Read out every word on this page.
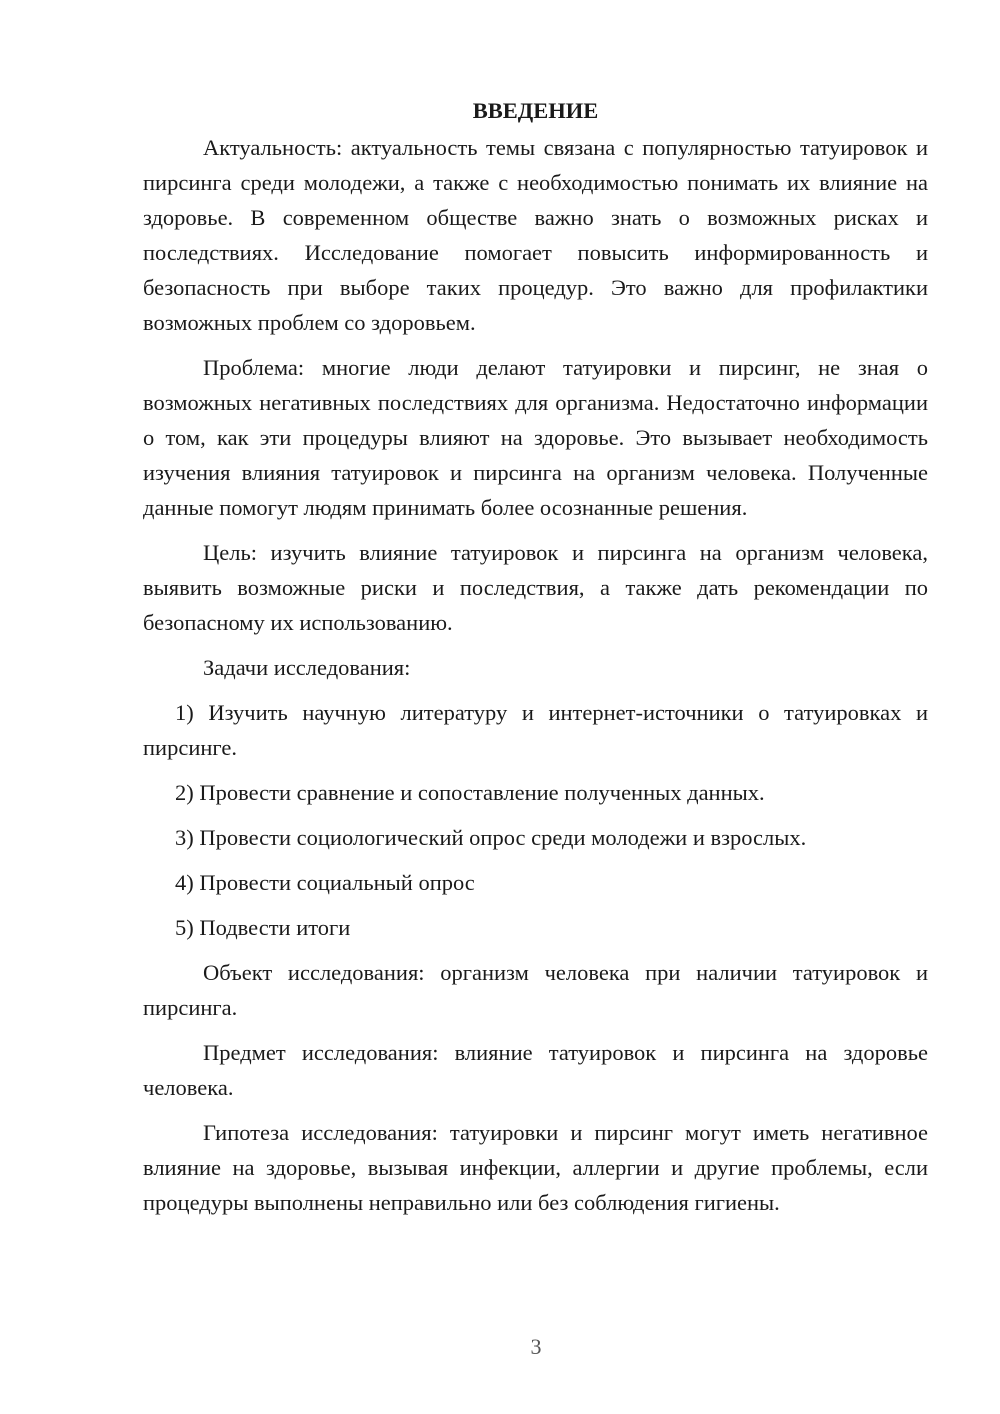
ВВЕДЕНИЕ

Актуальность: актуальность темы связана с популярностью татуировок и пирсинга среди молодежи, а также с необходимостью понимать их влияние на здоровье. В современном обществе важно знать о возможных рисках и последствиях. Исследование помогает повысить информированность и безопасность при выборе таких процедур. Это важно для профилактики возможных проблем со здоровьем.

Проблема: многие люди делают татуировки и пирсинг, не зная о возможных негативных последствиях для организма. Недостаточно информации о том, как эти процедуры влияют на здоровье. Это вызывает необходимость изучения влияния татуировок и пирсинга на организм человека. Полученные данные помогут людям принимать более осознанные решения.

Цель: изучить влияние татуировок и пирсинга на организм человека, выявить возможные риски и последствия, а также дать рекомендации по безопасному их использованию.

Задачи исследования:

1) Изучить научную литературу и интернет-источники о татуировках и пирсинге.

2) Провести сравнение и сопоставление полученных данных.

3) Провести социологический опрос среди молодежи и взрослых.

4) Провести социальный опрос

5) Подвести итоги

Объект исследования: организм человека при наличии татуировок и пирсинга.

Предмет исследования: влияние татуировок и пирсинга на здоровье человека.

Гипотеза исследования: татуировки и пирсинг могут иметь негативное влияние на здоровье, вызывая инфекции, аллергии и другие проблемы, если процедуры выполнены неправильно или без соблюдения гигиены.

3
